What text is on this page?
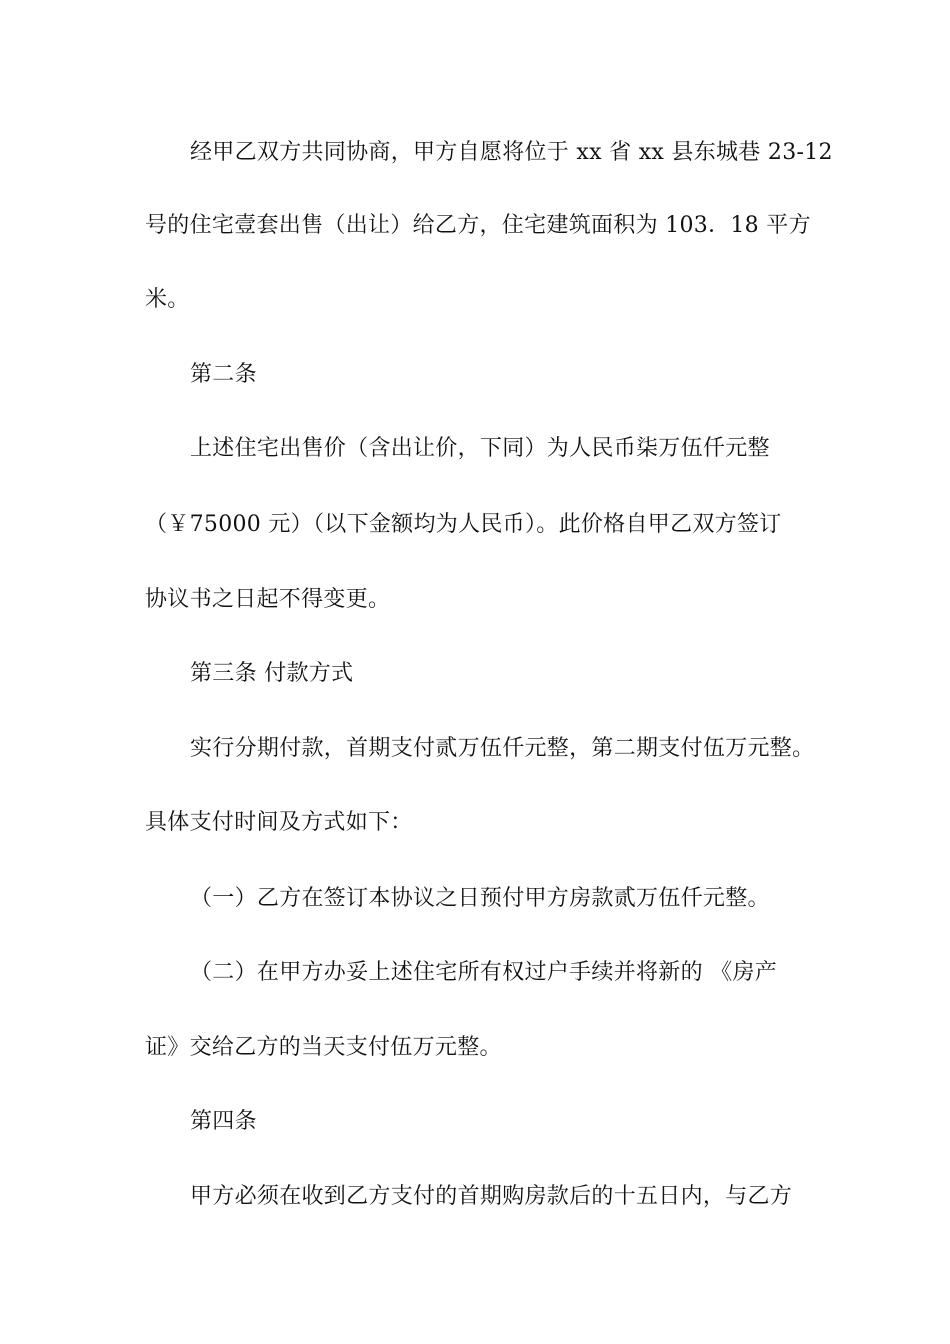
经甲乙双方共同协商，甲方自愿将位于 xx 省 xx 县东城巷 23-12
号的住宅壹套出售（出让）给乙方，住宅建筑面积为 103．18 平方
米。
第二条
上述住宅出售价（含出让价，下同）为人民币柒万伍仟元整
（￥75000 元）（以下金额均为人民币）。此价格自甲乙双方签订
协议书之日起不得变更。
第三条 付款方式
实行分期付款，首期支付贰万伍仟元整，第二期支付伍万元整。
具体支付时间及方式如下：
（一）乙方在签订本协议之日预付甲方房款贰万伍仟元整。
（二）在甲方办妥上述住宅所有权过户手续并将新的 《房产
证》交给乙方的当天支付伍万元整。
第四条
甲方必须在收到乙方支付的首期购房款后的十五日内，与乙方
